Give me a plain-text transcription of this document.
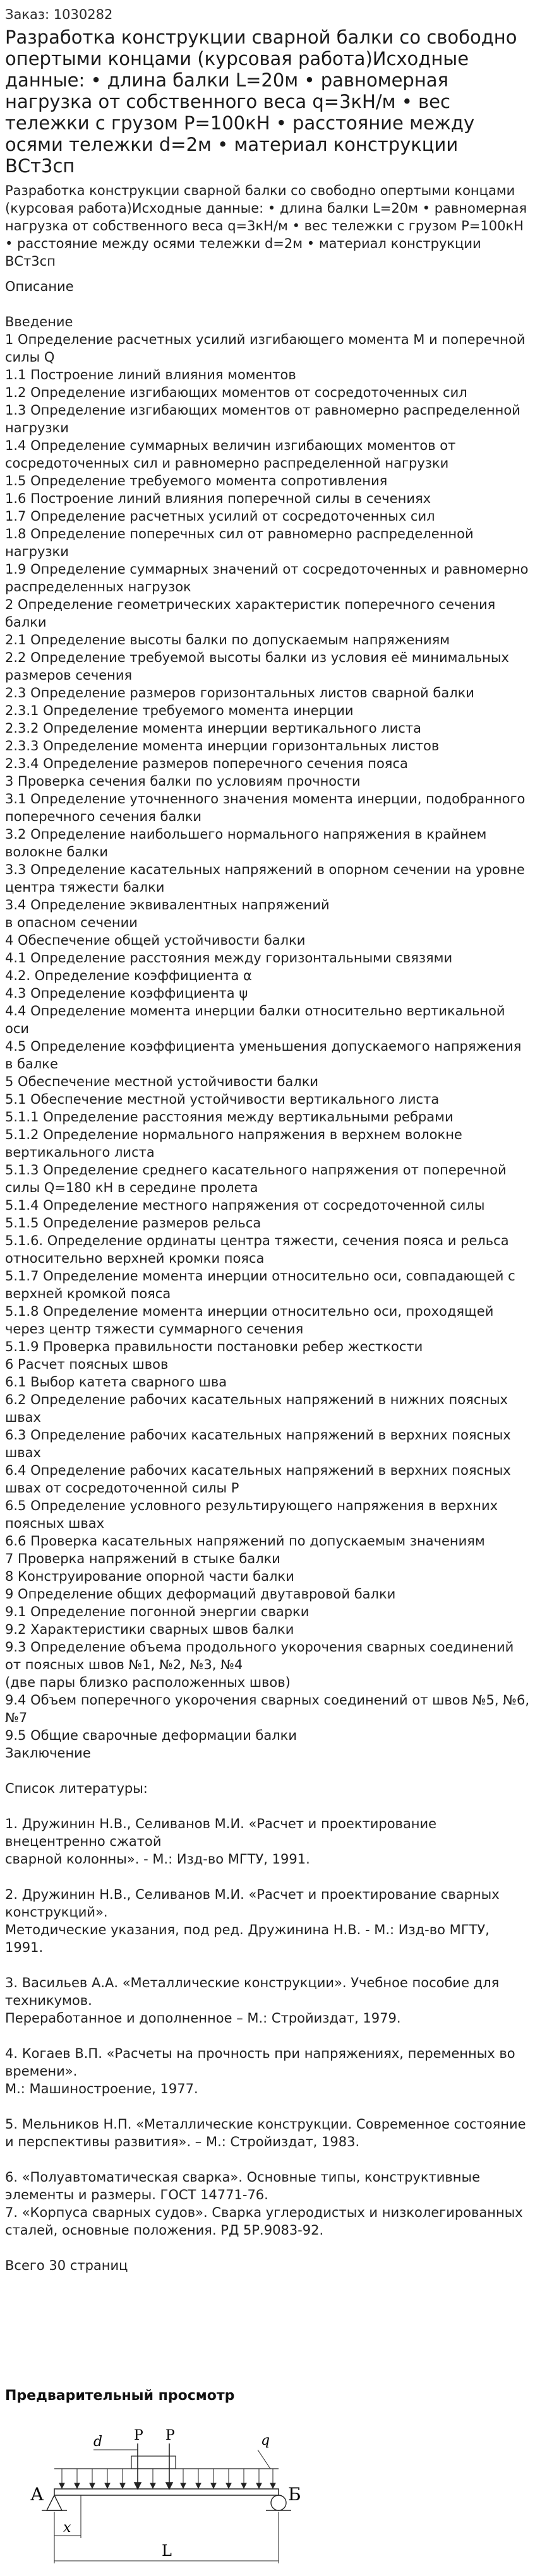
Заказ: 1030282
Разработка конструкции сварной балки со свободно опертыми концами (курсовая работа)Исходные данные: • длина балки L=20м • равномерная нагрузка от собственного веса q=3кН/м • вес тележки с грузом P=100кН • расстояние между осями тележки d=2м • материал конструкции ВСт3сп
Разработка конструкции сварной балки со свободно опертыми концами (курсовая работа)Исходные данные: • длина балки L=20м • равномерная нагрузка от собственного веса q=3кН/м • вес тележки с грузом P=100кН • расстояние между осями тележки d=2м • материал конструкции ВСт3сп
Описание
Введение
1 Определение расчетных усилий изгибающего момента М и поперечной силы Q
1.1 Построение линий влияния моментов
1.2 Определение изгибающих моментов от сосредоточенных сил
1.3 Определение изгибающих моментов от равномерно распределенной нагрузки
1.4 Определение суммарных величин изгибающих моментов от сосредоточенных сил и равномерно распределенной нагрузки
1.5 Определение требуемого момента сопротивления
1.6 Построение линий влияния поперечной силы в сечениях
1.7 Определение расчетных усилий от сосредоточенных сил
1.8 Определение поперечных сил от равномерно распределенной нагрузки
1.9 Определение суммарных значений от сосредоточенных и равномерно распределенных нагрузок
2 Определение геометрических характеристик поперечного сечения балки
2.1 Определение высоты балки по допускаемым напряжениям
2.2 Определение требуемой высоты балки из условия её минимальных размеров сечения
2.3 Определение размеров горизонтальных листов сварной балки
2.3.1 Определение требуемого момента инерции
2.3.2 Определение момента инерции вертикального листа
2.3.3 Определение момента инерции горизонтальных листов
2.3.4 Определение размеров поперечного сечения пояса
3 Проверка сечения балки по условиям прочности
3.1 Определение уточненного значения момента инерции, подобранного поперечного сечения балки
3.2 Определение наибольшего нормального напряжения в крайнем волокне балки
3.3 Определение касательных напряжений в опорном сечении на уровне центра тяжести балки
3.4 Определение эквивалентных напряжений
в опасном сечении
4 Обеспечение общей устойчивости балки
4.1 Определение расстояния между горизонтальными связями
4.2. Определение коэффициента α
4.3 Определение коэффициента ψ
4.4 Определение момента инерции балки относительно вертикальной оси
4.5 Определение коэффициента уменьшения допускаемого напряжения в балке
5 Обеспечение местной устойчивости балки
5.1 Обеспечение местной устойчивости вертикального листа
5.1.1 Определение расстояния между вертикальными ребрами
5.1.2 Определение нормального напряжения в верхнем волокне вертикального листа
5.1.3 Определение среднего касательного напряжения от поперечной силы Q=180 кН в середине пролета
5.1.4 Определение местного напряжения от сосредоточенной силы
5.1.5 Определение размеров рельса
5.1.6. Определение ординаты центра тяжести, сечения пояса и рельса относительно верхней кромки пояса
5.1.7 Определение момента инерции относительно оси, совпадающей с верхней кромкой пояса
5.1.8 Определение момента инерции относительно оси, проходящей через центр тяжести суммарного сечения
5.1.9 Проверка правильности постановки ребер жесткости
6 Расчет поясных швов
6.1 Выбор катета сварного шва
6.2 Определение рабочих касательных напряжений в нижних поясных швах
6.3 Определение рабочих касательных напряжений в верхних поясных швах
6.4 Определение рабочих касательных напряжений в верхних поясных швах от сосредоточенной силы P
6.5 Определение условного результирующего напряжения в верхних поясных швах
6.6 Проверка касательных напряжений по допускаемым значениям
7 Проверка напряжений в стыке балки
8 Конструирование опорной части балки
9 Определение общих деформаций двутавровой балки
9.1 Определение погонной энергии сварки
9.2 Характеристики сварных швов балки
9.3 Определение объема продольного укорочения сварных соединений от поясных швов №1, №2, №3, №4
(две пары близко расположенных швов)
9.4 Объем поперечного укорочения сварных соединений от швов №5, №6, №7
9.5 Общие сварочные деформации балки
Заключение
Список литературы:
1. Дружинин Н.В., Селиванов М.И. «Расчет и проектирование внецентренно сжатой
сварной колонны». - М.: Изд-во МГТУ, 1991.
2. Дружинин Н.В., Селиванов М.И. «Расчет и проектирование сварных конструкций».
Методические указания, под ред. Дружинина Н.В. - М.: Изд-во МГТУ, 1991.
3. Васильев А.А. «Металлические конструкции». Учебное пособие для техникумов.
Переработанное и дополненное – М.: Стройиздат, 1979.
4. Когаев В.П. «Расчеты на прочность при напряжениях, переменных во времени».
М.: Машиностроение, 1977.
5. Мельников Н.П. «Металлические конструкции. Современное состояние и перспективы развития». – М.: Стройиздат, 1983.
6. «Полуавтоматическая сварка». Основные типы, конструктивные элементы и размеры. ГОСТ 14771-76.
7. «Корпуса сварных судов». Сварка углеродистых и низколегированных сталей, основные положения. РД 5Р.9083-92.
Всего 30 страниц
Предварительный просмотр
P P
d	q
А	Б
x
L
